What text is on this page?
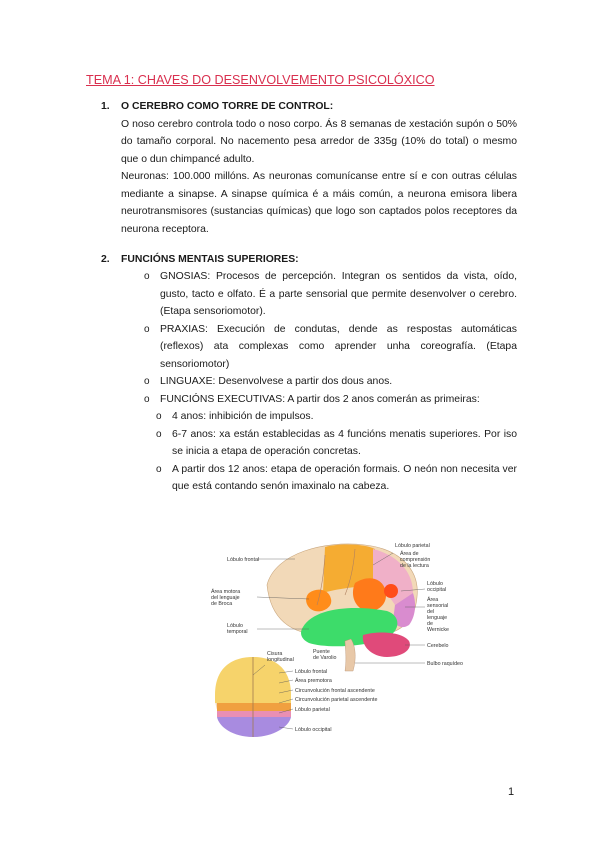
TEMA 1: CHAVES DO DESENVOLVEMENTO PSICOLÓXICO
1. O CEREBRO COMO TORRE DE CONTROL:

O noso cerebro controla todo o noso corpo. Ás 8 semanas de xestación supón o 50% do tamaño corporal. No nacemento pesa arredor de 335g (10% do total) o mesmo que o dun chimpancé adulto.

Neuronas: 100.000 millóns. As neuronas comunícanse entre sí e con outras células mediante a sinapse. A sinapse química é a máis común, a neurona emisora libera neurotransmisores (sustancias químicas) que logo son captados polos receptores da neurona receptora.

2. FUNCIÓNS MENTAIS SUPERIORES:
o GNOSIAS: Procesos de percepción. Integran os sentidos da vista, oído, gusto, tacto e olfato. É a parte sensorial que permite desenvolver o cerebro. (Etapa sensoriomotor).
o PRAXIAS: Execución de condutas, dende as respostas automáticas (reflexos) ata complexas como aprender unha coreografía. (Etapa sensoriomotor)
o LINGUAXE: Desenvolvese a partir dos dous anos.
o FUNCIÓNS EXECUTIVAS: A partir dos 2 anos comerán as primeiras:
o 4 anos: inhibición de impulsos.
o 6-7 anos: xa están establecidas as 4 funcións menatis superiores. Por iso se inicia a etapa de operación concretas.
o A partir dos 12 anos: etapa de operación formais. O neón non necesita ver que está contando senón imaxinalo na cabeza.
Lóbulo frontal
Lóbulo parietal
Área de
comprensión
de la lectura
Lóbulo
occipital
Área motora
del lenguaje
de Broca
Área
sensorial
del
lenguaje
de
Wernicke
Lóbulo
temporal
Cerebelo
Cisura
longitudinal
Puente
de Varolio
Bulbo raquídeo
Lóbulo frontal
Área premotora
Circunvolución frontal ascendente
Circunvolución parietal ascendente
Lóbulo parietal
Lóbulo occipital
1
